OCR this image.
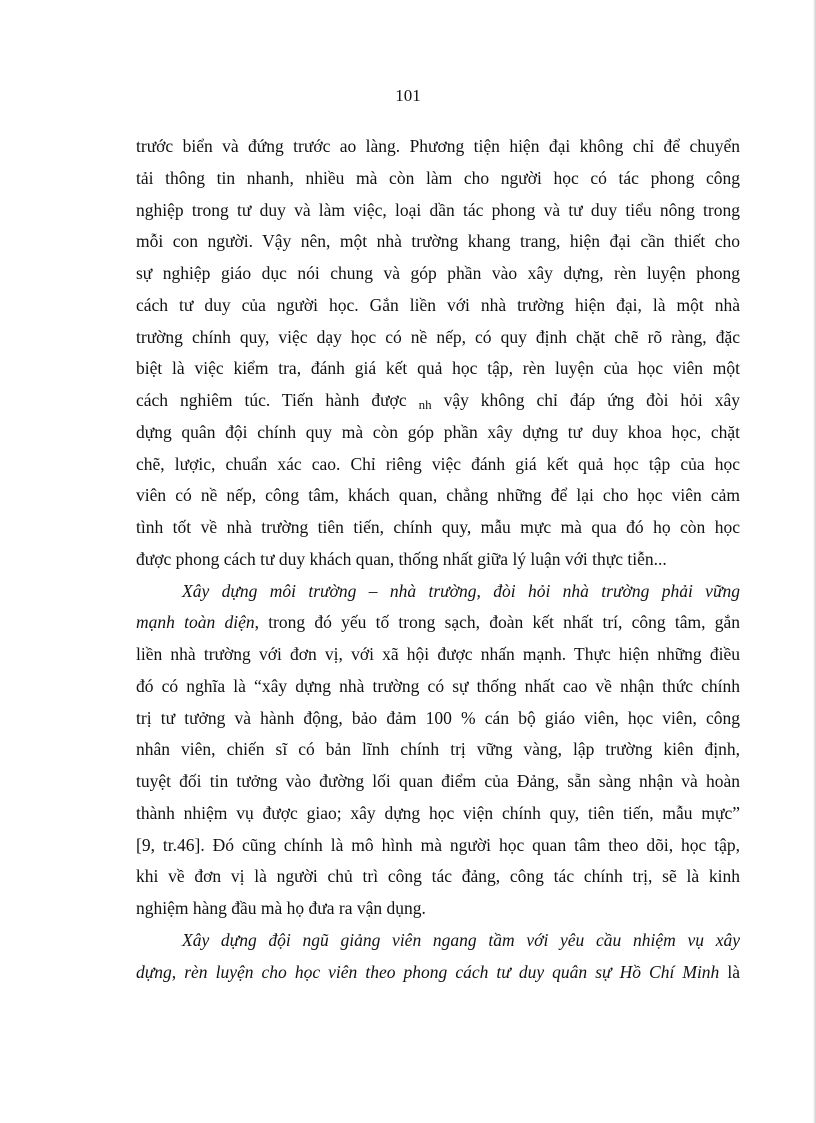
101
trước biển và đứng trước ao làng. Phương tiện hiện đại không chỉ để chuyển
tải thông tin nhanh, nhiều mà còn làm cho người học có tác phong công
nghiệp trong tư duy và làm việc, loại dần tác phong và tư duy tiểu nông trong
mỗi con người. Vậy nên, một nhà trường khang trang, hiện đại cần thiết cho
sự nghiệp giáo dục nói chung và góp phần vào xây dựng, rèn luyện phong
cách tư duy của người học. Gắn liền với nhà trường hiện đại, là một nhà
trường chính quy, việc dạy học có nề nếp, có quy định chặt chẽ rõ ràng, đặc
biệt là việc kiểm tra, đánh giá kết quả học tập, rèn luyện của học viên một
cách nghiêm túc. Tiến hành được nh vậy không chỉ đáp ứng đòi hỏi xây
dựng quân đội chính quy mà còn góp phần xây dựng tư duy khoa học, chặt
chẽ, lượic, chuẩn xác cao. Chỉ riêng việc đánh giá kết quả học tập của học
viên có nề nếp, công tâm, khách quan, chẳng những để lại cho học viên cảm
tình tốt về nhà trường tiên tiến, chính quy, mẫu mực mà qua đó họ còn học
được phong cách tư duy khách quan, thống nhất giữa lý luận với thực tiễn...
Xây dựng môi trường – nhà trường, đòi hỏi nhà trường phải vững
mạnh toàn diện, trong đó yếu tố trong sạch, đoàn kết nhất trí, công tâm, gắn
liền nhà trường với đơn vị, với xã hội được nhấn mạnh. Thực hiện những điều
đó có nghĩa là “xây dựng nhà trường có sự thống nhất cao về nhận thức chính
trị tư tưởng và hành động, bảo đảm 100 % cán bộ giáo viên, học viên, công
nhân viên, chiến sĩ có bản lĩnh chính trị vững vàng, lập trường kiên định,
tuyệt đối tin tưởng vào đường lối quan điểm của Đảng, sẵn sàng nhận và hoàn
thành nhiệm vụ được giao; xây dựng học viện chính quy, tiên tiến, mẫu mực”
[9, tr.46]. Đó cũng chính là mô hình mà người học quan tâm theo dõi, học tập,
khi về đơn vị là người chủ trì công tác đảng, công tác chính trị, sẽ là kinh
nghiệm hàng đầu mà họ đưa ra vận dụng.
Xây dựng đội ngũ giảng viên ngang tầm với yêu cầu nhiệm vụ xây
dựng, rèn luyện cho học viên theo phong cách tư duy quân sự Hồ Chí Minh là
